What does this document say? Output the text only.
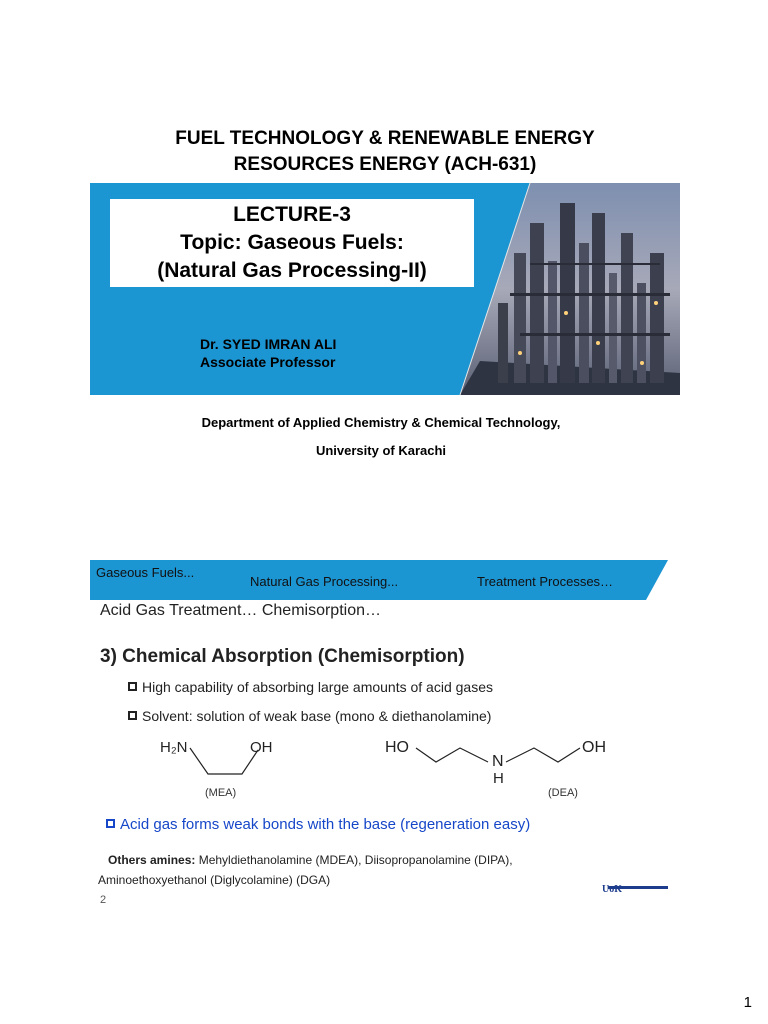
FUEL TECHNOLOGY & RENEWABLE ENERGY
RESOURCES ENERGY (ACH-631)
LECTURE-3
Topic: Gaseous Fuels:
(Natural Gas Processing-II)
Dr. SYED IMRAN ALI
Associate Professor
Department of Applied Chemistry & Chemical Technology,
University of Karachi
Gaseous Fuels...
Natural Gas Processing...	Treatment Processes…
Acid Gas Treatment… Chemisorption…
3) Chemical Absorption (Chemisorption)
High capability of absorbing large amounts of acid gases
Solvent: solution of weak base (mono & diethanolamine)
H₂N	OH
(MEA)
HO
N
H
OH
(DEA)
Acid gas forms weak bonds with the base (regeneration easy)
Others amines: Mehyldiethanolamine (MDEA), Diisopropanolamine (DIPA),
Aminoethoxyethanol (Diglycolamine) (DGA)
2
UoK
1
